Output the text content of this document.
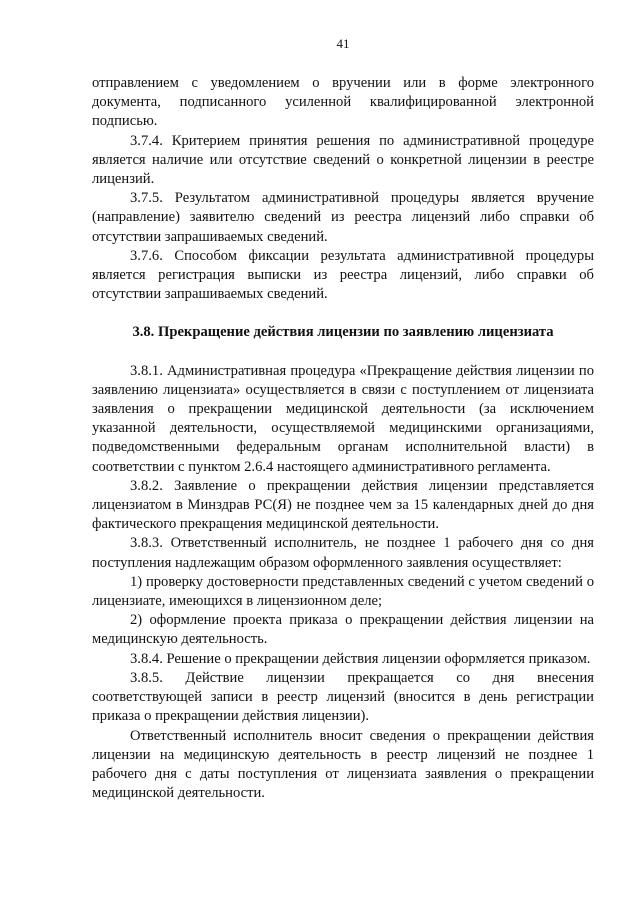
41

отправлением с уведомлением о вручении или в форме электронного документа, подписанного усиленной квалифицированной электронной подписью.

3.7.4. Критерием принятия решения по административной процедуре является наличие или отсутствие сведений о конкретной лицензии в реестре лицензий.

3.7.5. Результатом административной процедуры является вручение (направление) заявителю сведений из реестра лицензий либо справки об отсутствии запрашиваемых сведений.

3.7.6. Способом фиксации результата административной процедуры является регистрация выписки из реестра лицензий, либо справки об отсутствии запрашиваемых сведений.

3.8. Прекращение действия лицензии по заявлению лицензиата

3.8.1. Административная процедура «Прекращение действия лицензии по заявлению лицензиата» осуществляется в связи с поступлением от лицензиата заявления о прекращении медицинской деятельности (за исключением указанной деятельности, осуществляемой медицинскими организациями, подведомственными федеральным органам исполнительной власти) в соответствии с пунктом 2.6.4 настоящего административного регламента.

3.8.2. Заявление о прекращении действия лицензии представляется лицензиатом в Минздрав РС(Я) не позднее чем за 15 календарных дней до дня фактического прекращения медицинской деятельности.

3.8.3. Ответственный исполнитель, не позднее 1 рабочего дня со дня поступления надлежащим образом оформленного заявления осуществляет:

1) проверку достоверности представленных сведений с учетом сведений о лицензиате, имеющихся в лицензионном деле;

2) оформление проекта приказа о прекращении действия лицензии на медицинскую деятельность.

3.8.4. Решение о прекращении действия лицензии оформляется приказом.

3.8.5. Действие лицензии прекращается со дня внесения соответствующей записи в реестр лицензий (вносится в день регистрации приказа о прекращении действия лицензии).

Ответственный исполнитель вносит сведения о прекращении действия лицензии на медицинскую деятельность в реестр лицензий не позднее 1 рабочего дня с даты поступления от лицензиата заявления о прекращении медицинской деятельности.
